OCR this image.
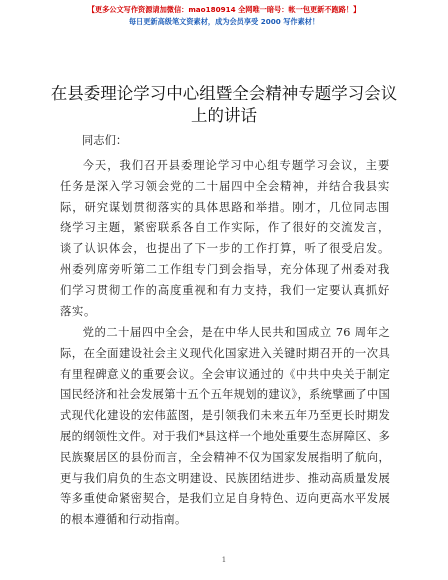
【更多公文写作资源请加微信：mao180914 全网唯一暗号：帐一包更新不跑路！】
每日更新高级笔文资素材，成为会员享受 2000 写作素材！
在县委理论学习中心组暨全会精神专题学习会议上的讲话
同志们：

今天，我们召开县委理论学习中心组专题学习会议，主要任务是深入学习领会党的二十届四中全会精神，并结合我县实际，研究谋划贯彻落实的具体思路和举措。刚才，几位同志围绕学习主题，紧密联系各自工作实际，作了很好的交流发言，谈了认识体会，也提出了下一步的工作打算，听了很受启发。州委列席旁听第二工作组专门到会指导，充分体现了州委对我们学习贯彻工作的高度重视和有力支持，我们一定要认真抓好落实。

党的二十届四中全会，是在中华人民共和国成立 76 周年之际，在全面建设社会主义现代化国家进入关键时期召开的一次具有里程碑意义的重要会议。全会审议通过的《中共中央关于制定国民经济和社会发展第十五个五年规划的建议》，系统擘画了中国式现代化建设的宏伟蓝图，是引领我们未来五年乃至更长时期发展的纲领性文件。对于我们*县这样一个地处重要生态屏障区、多民族聚居区的县份而言，全会精神不仅为国家发展指明了航向，更与我们肩负的生态文明建设、民族团结进步、推动高质量发展等多重使命紧密契合，是我们立足自身特色、迈向更高水平发展的根本遵循和行动指南。

1
